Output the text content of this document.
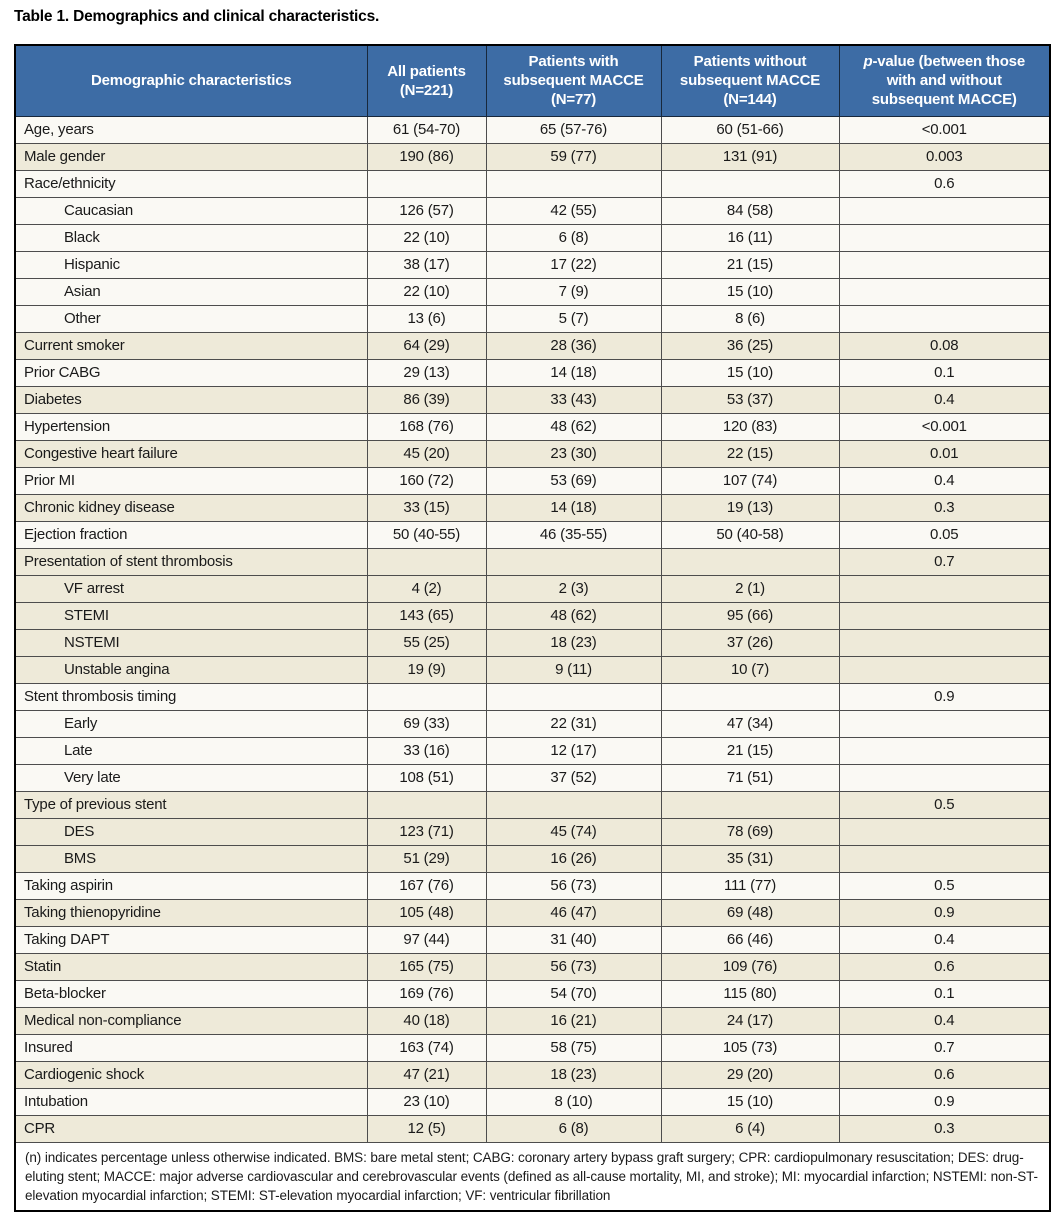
Table 1. Demographics and clinical characteristics.
Demographic characteristics	All patients (N=221)	Patients with subsequent MACCE (N=77)	Patients without subsequent MACCE (N=144)	p-value (between those with and without subsequent MACCE)
Age, years	61 (54-70)	65 (57-76)	60 (51-66)	<0.001
Male gender	190 (86)	59 (77)	131 (91)	0.003
Race/ethnicity				0.6
Caucasian	126 (57)	42 (55)	84 (58)	
Black	22 (10)	6 (8)	16 (11)	
Hispanic	38 (17)	17 (22)	21 (15)	
Asian	22 (10)	7 (9)	15 (10)	
Other	13 (6)	5 (7)	8 (6)	
Current smoker	64 (29)	28 (36)	36 (25)	0.08
Prior CABG	29 (13)	14 (18)	15 (10)	0.1
Diabetes	86 (39)	33 (43)	53 (37)	0.4
Hypertension	168 (76)	48 (62)	120 (83)	<0.001
Congestive heart failure	45 (20)	23 (30)	22 (15)	0.01
Prior MI	160 (72)	53 (69)	107 (74)	0.4
Chronic kidney disease	33 (15)	14 (18)	19 (13)	0.3
Ejection fraction	50 (40-55)	46 (35-55)	50 (40-58)	0.05
Presentation of stent thrombosis				0.7
VF arrest	4 (2)	2 (3)	2 (1)	
STEMI	143 (65)	48 (62)	95 (66)	
NSTEMI	55 (25)	18 (23)	37 (26)	
Unstable angina	19 (9)	9 (11)	10 (7)	
Stent thrombosis timing				0.9
Early	69 (33)	22 (31)	47 (34)	
Late	33 (16)	12 (17)	21 (15)	
Very late	108 (51)	37 (52)	71 (51)	
Type of previous stent				0.5
DES	123 (71)	45 (74)	78 (69)	
BMS	51 (29)	16 (26)	35 (31)	
Taking aspirin	167 (76)	56 (73)	111 (77)	0.5
Taking thienopyridine	105 (48)	46 (47)	69 (48)	0.9
Taking DAPT	97 (44)	31 (40)	66 (46)	0.4
Statin	165 (75)	56 (73)	109 (76)	0.6
Beta-blocker	169 (76)	54 (70)	115 (80)	0.1
Medical non-compliance	40 (18)	16 (21)	24 (17)	0.4
Insured	163 (74)	58 (75)	105 (73)	0.7
Cardiogenic shock	47 (21)	18 (23)	29 (20)	0.6
Intubation	23 (10)	8 (10)	15 (10)	0.9
CPR	12 (5)	6 (8)	6 (4)	0.3
(n) indicates percentage unless otherwise indicated. BMS: bare metal stent; CABG: coronary artery bypass graft surgery; CPR: cardiopulmonary resuscitation; DES: drug-eluting stent; MACCE: major adverse cardiovascular and cerebrovascular events (defined as all-cause mortality, MI, and stroke); MI: myocardial infarction; NSTEMI: non-ST-elevation myocardial infarction; STEMI: ST-elevation myocardial infarction; VF: ventricular fibrillation				
